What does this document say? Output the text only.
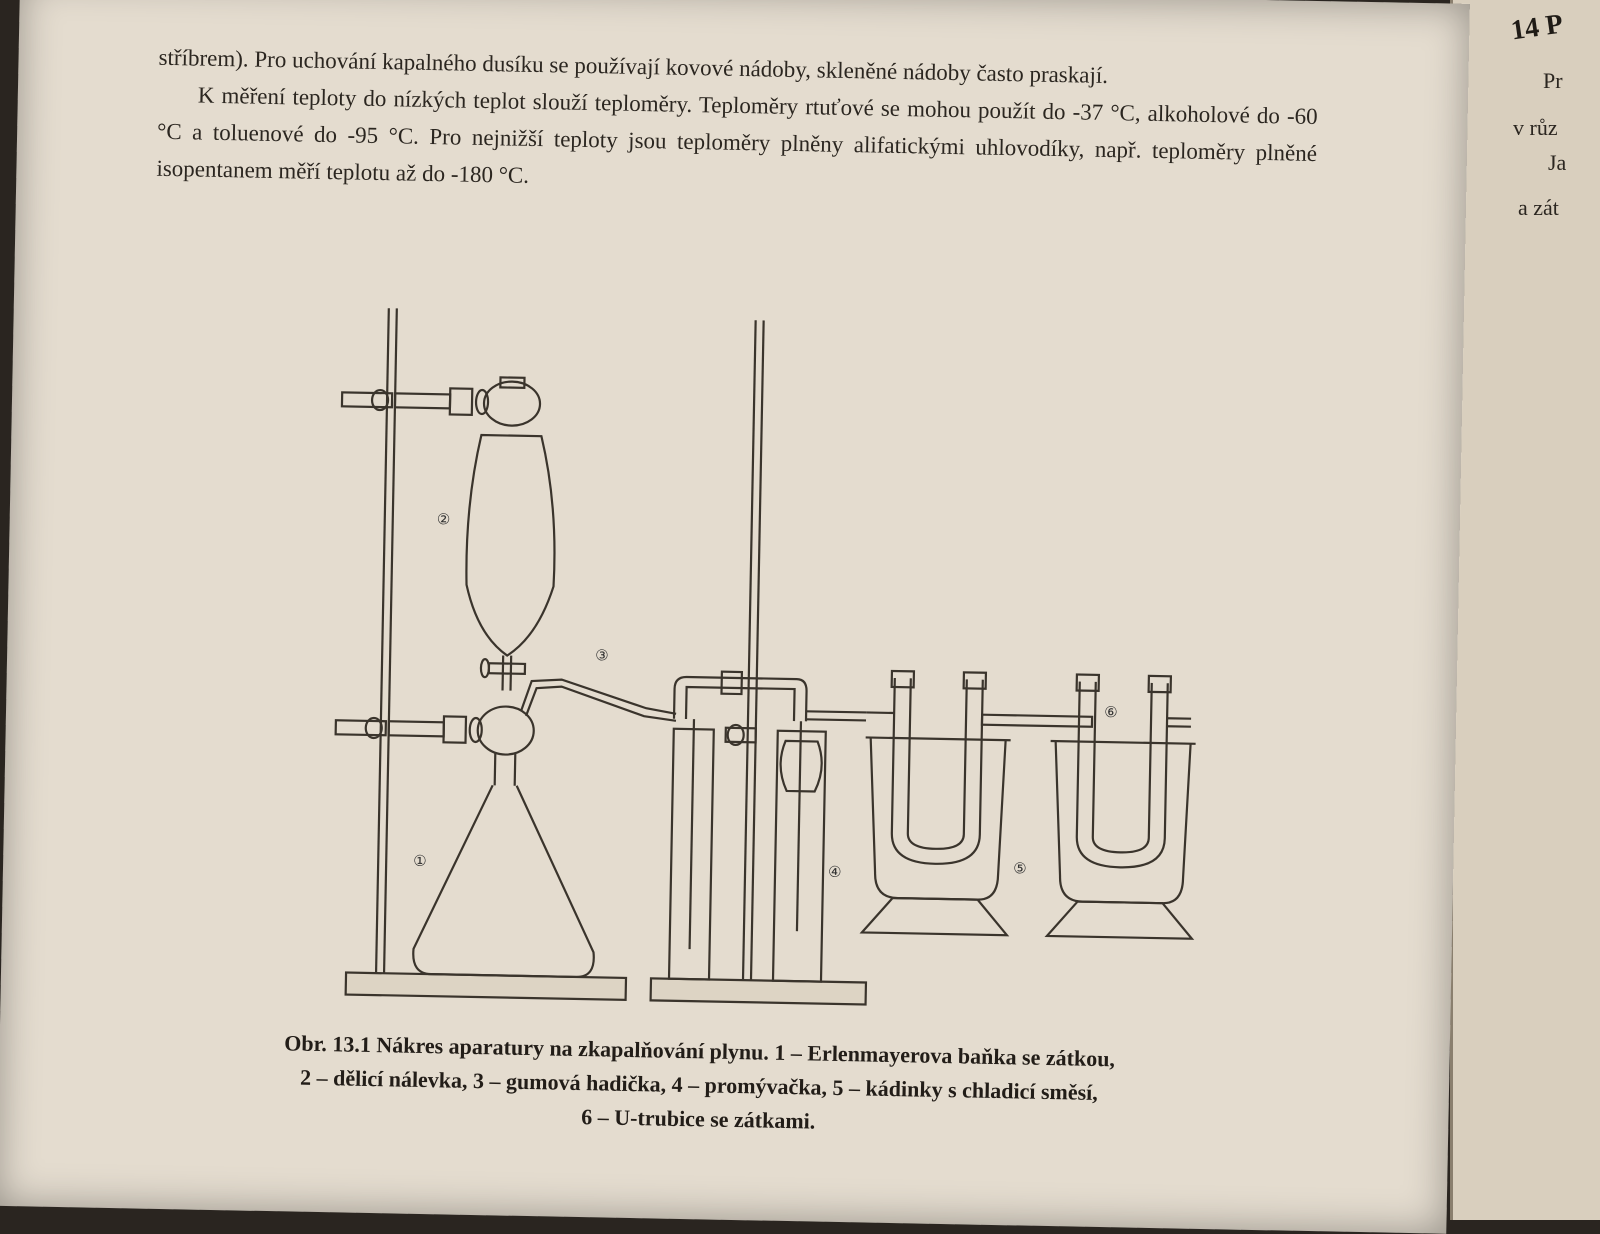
14 P
Pr
v růz
Ja
a zát

stříbrem). Pro uchování kapalného dusíku se používají kovové nádoby, skleněné nádoby často praskají.

K měření teploty do nízkých teplot slouží teploměry. Teploměry rtuťové se mohou použít do -37 °C, alkoholové do -60 °C a toluenové do -95 °C. Pro nejnižší teploty jsou teploměry plněny alifatickými uhlovodíky, např. teploměry plněné isopentanem měří teplotu až do -180 °C.

①
②
③
④	⑤
⑥
Obr. 13.1 Nákres aparatury na zkapalňování plynu. 1 – Erlenmayerova baňka se zátkou,
2 – dělicí nálevka, 3 – gumová hadička, 4 – promývačka, 5 – kádinky s chladicí směsí,
6 – U-trubice se zátkami.
